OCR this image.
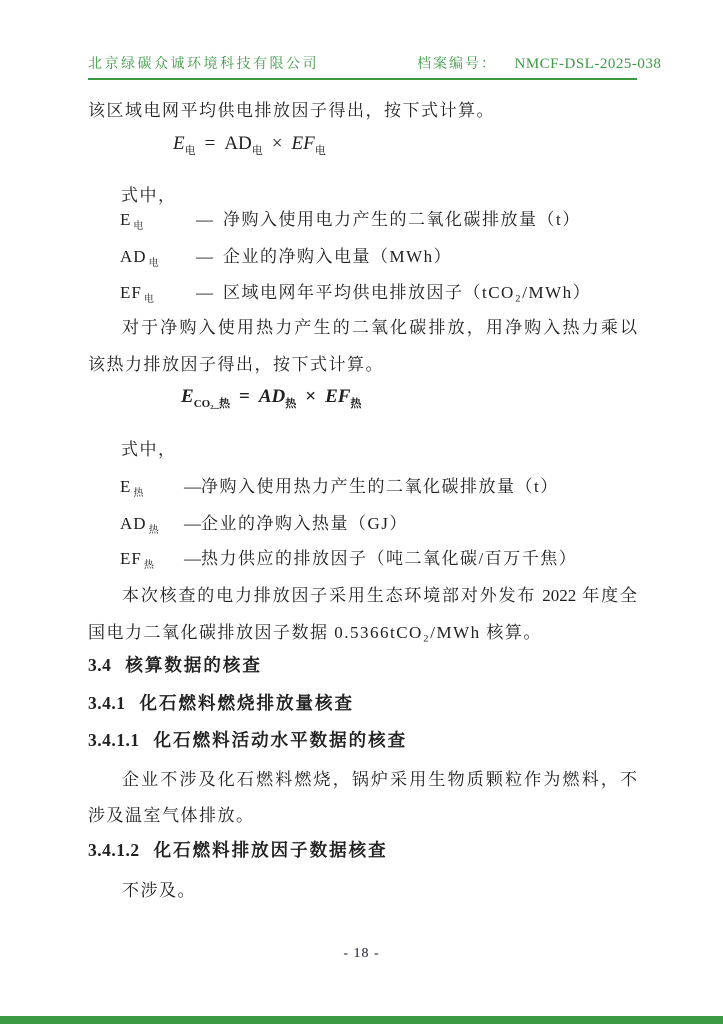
北京绿碳众诚环境科技有限公司	档案编号： NMCF-DSL-2025-038
该区域电网平均供电排放因子得出，按下式计算。
$E_电 = AD_电 \times EF_电$
式中，
E $_电$	— 净购入使用电力产生的二氧化碳排放量（t）
AD $_电$ — 企业的净购入电量（MWh）
EF $_电$ — 区域电网年平均供电排放因子（tCO₂/MWh）
对于净购入使用热力产生的二氧化碳排放，用净购入热力乘以
该热力排放因子得出，按下式计算。
$E_{CO_2\_热} = AD_热 \times EF_热$
式中，
E $_热$ —净购入使用热力产生的二氧化碳排放量（t）
AD $_热$ —企业的净购入热量（GJ）
EF $_热$ —热力供应的排放因子（吨二氧化碳/百万千焦）
本次核查的电力排放因子采用生态环境部对外发布 2022 年度全
国电力二氧化碳排放因子数据 0.5366tCO₂/MWh 核算。
3.4 核算数据的核查
3.4.1 化石燃料燃烧排放量核查
3.4.1.1 化石燃料活动水平数据的核查
企业不涉及化石燃料燃烧，锅炉采用生物质颗粒作为燃料，不
涉及温室气体排放。
3.4.1.2 化石燃料排放因子数据核查
不涉及。
- 18 -
